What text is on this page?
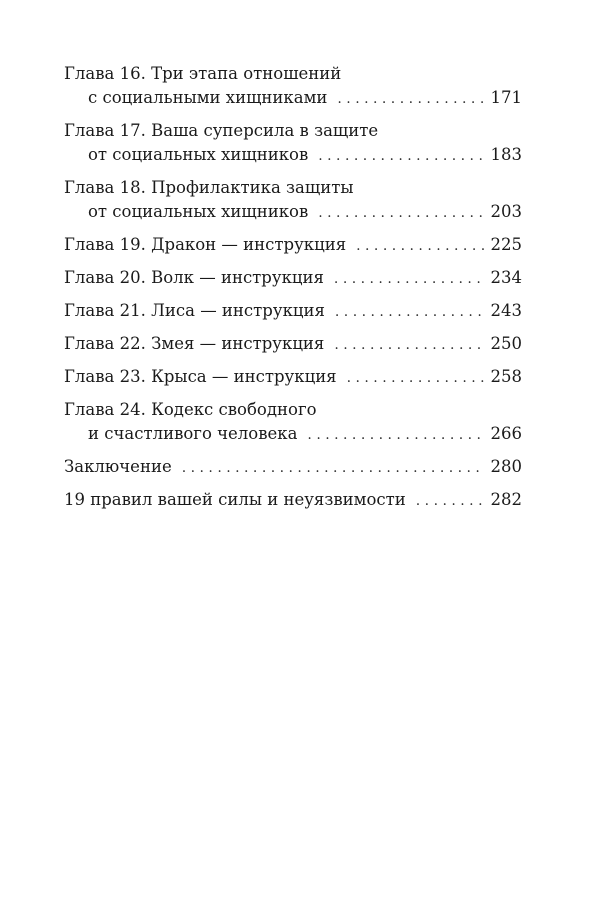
Глава 16. Три этапа отношений
с социальными хищниками . . .	171
Глава 17. Ваша суперсила в защите
от социальных хищников . . .	183
Глава 18. Профилактика защиты
от социальных хищников . . .	203
Глава 19. Дракон — инструкция . . .	225
Глава 20. Волк — инструкция . . .	234
Глава 21. Лиса — инструкция . . .	243
Глава 22. Змея — инструкция . . .	250
Глава 23. Крыса — инструкция . . .	258
Глава 24. Кодекс свободного
и счастливого человека . . .	266
Заключение . . .	280
19 правил вашей силы и неуязвимости . . .	282
